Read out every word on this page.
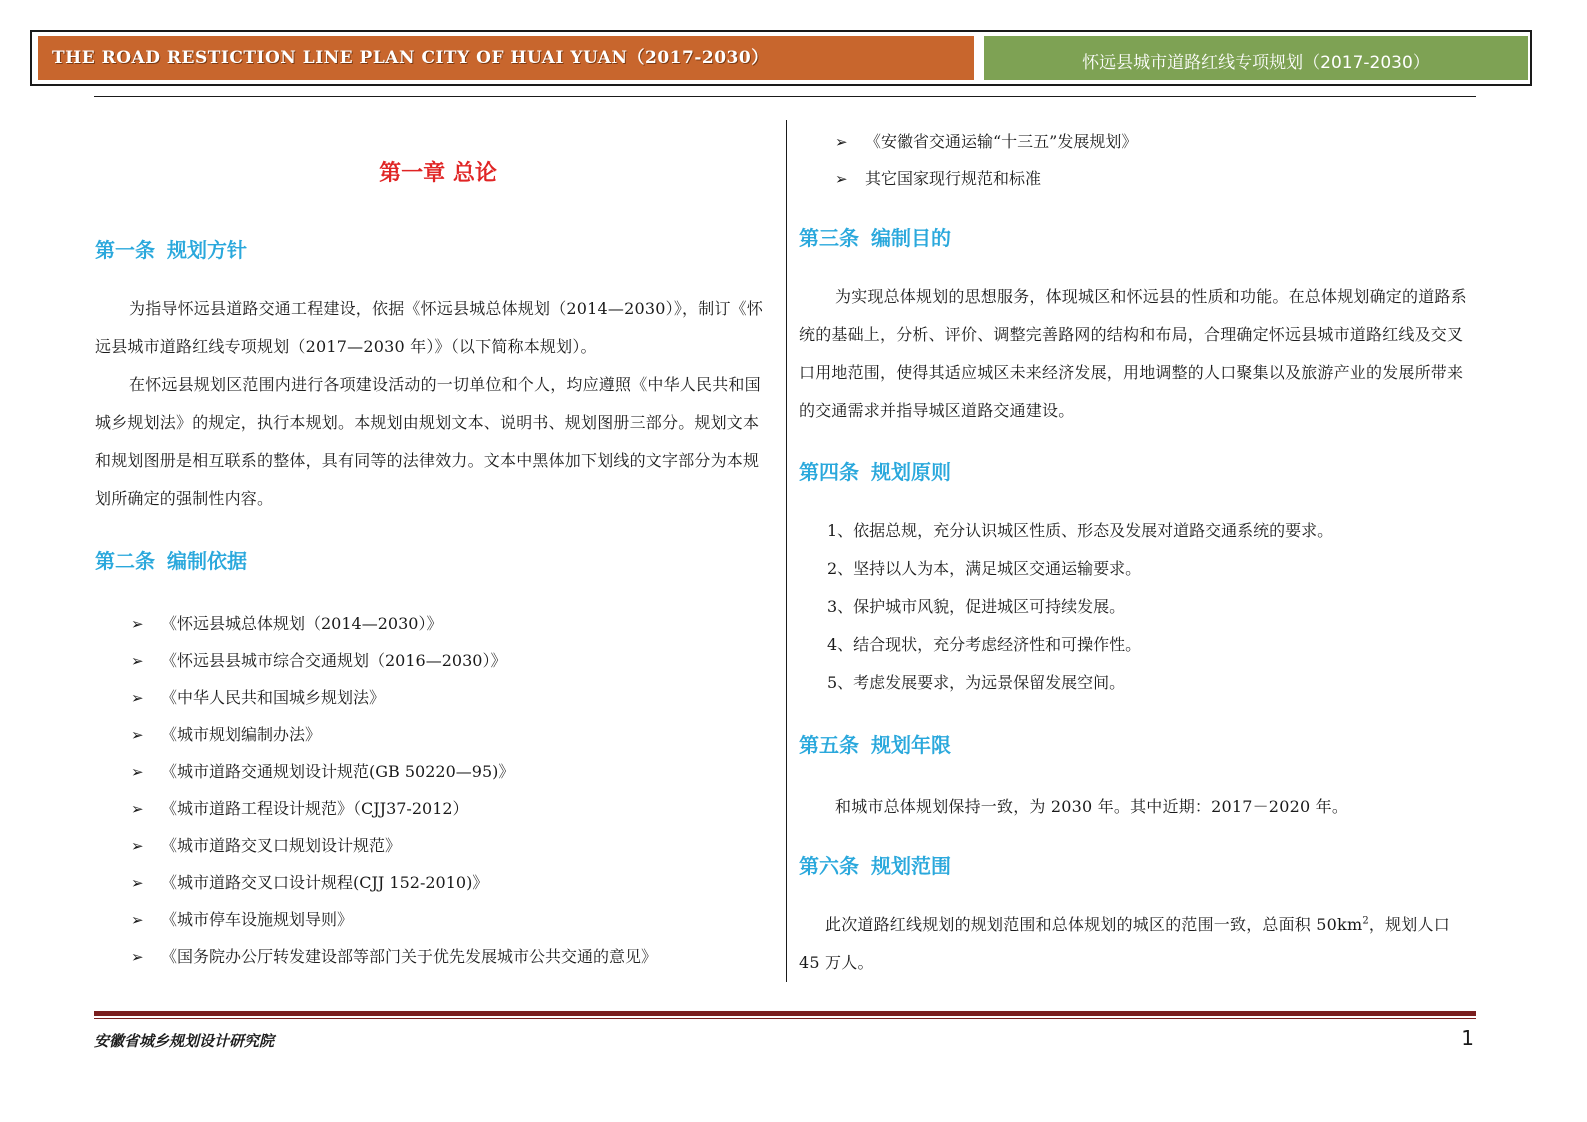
THE ROAD RESTICTION LINE PLAN CITY OF HUAI YUAN（2017-2030）	怀远县城市道路红线专项规划（2017-2030）
第一章 总论
第一条 规划方针
为指导怀远县道路交通工程建设，依据《怀远县城总体规划（2014—2030）》，制订《怀远县城市道路红线专项规划（2017—2030 年）》（以下简称本规划）。
在怀远县规划区范围内进行各项建设活动的一切单位和个人，均应遵照《中华人民共和国城乡规划法》的规定，执行本规划。本规划由规划文本、说明书、规划图册三部分。规划文本和规划图册是相互联系的整体，具有同等的法律效力。文本中黑体加下划线的文字部分为本规划所确定的强制性内容。
第二条 编制依据
➢ 《怀远县城总体规划（2014—2030）》
➢ 《怀远县县城市综合交通规划（2016—2030）》
➢ 《中华人民共和国城乡规划法》
➢ 《城市规划编制办法》
➢ 《城市道路交通规划设计规范(GB 50220—95)》
➢ 《城市道路工程设计规范》（CJJ37-2012）
➢ 《城市道路交叉口规划设计规范》
➢ 《城市道路交叉口设计规程(CJJ 152-2010)》
➢ 《城市停车设施规划导则》
➢ 《国务院办公厅转发建设部等部门关于优先发展城市公共交通的意见》
➢ 《安徽省交通运输“十三五”发展规划》
➢ 其它国家现行规范和标准
第三条 编制目的
为实现总体规划的思想服务，体现城区和怀远县的性质和功能。在总体规划确定的道路系统的基础上，分析、评价、调整完善路网的结构和布局，合理确定怀远县城市道路红线及交叉口用地范围，使得其适应城区未来经济发展，用地调整的人口聚集以及旅游产业的发展所带来的交通需求并指导城区道路交通建设。
第四条 规划原则
1、依据总规，充分认识城区性质、形态及发展对道路交通系统的要求。
2、坚持以人为本，满足城区交通运输要求。
3、保护城市风貌，促进城区可持续发展。
4、结合现状，充分考虑经济性和可操作性。
5、考虑发展要求，为远景保留发展空间。
第五条 规划年限
和城市总体规划保持一致，为 2030 年。其中近期：2017－2020 年。
第六条 规划范围
此次道路红线规划的规划范围和总体规划的城区的范围一致，总面积 $50km^2$，规划人口 45 万人。
安徽省城乡规划设计研究院	1
